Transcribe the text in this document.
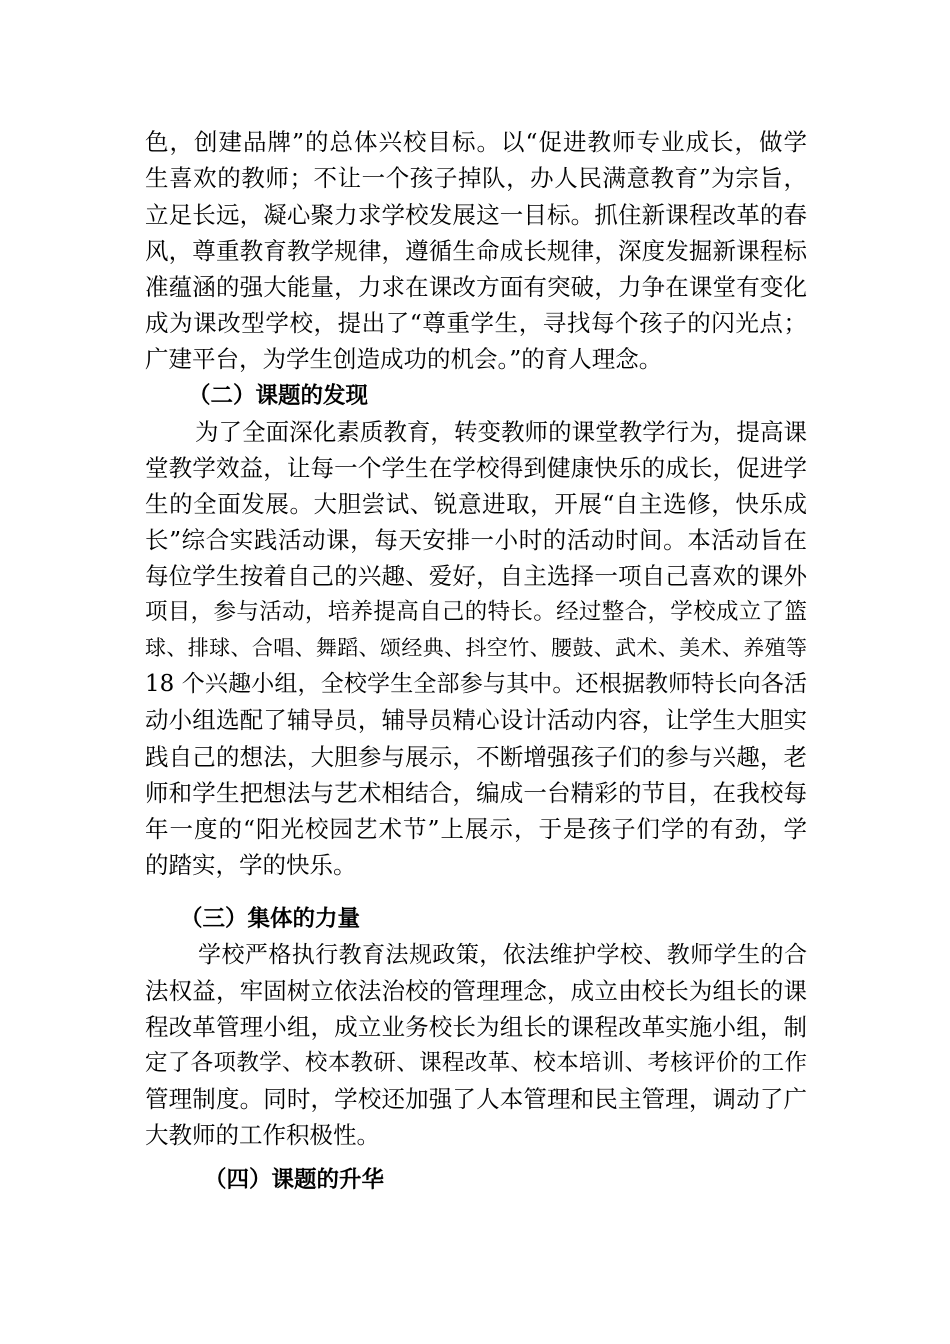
色，创建品牌”的总体兴校目标。以“促进教师专业成长，做学
生喜欢的教师；不让一个孩子掉队，办人民满意教育”为宗旨，
立足长远，凝心聚力求学校发展这一目标。抓住新课程改革的春
风，尊重教育教学规律，遵循生命成长规律，深度发掘新课程标
准蕴涵的强大能量，力求在课改方面有突破，力争在课堂有变化
成为课改型学校，提出了“尊重学生，寻找每个孩子的闪光点；
广建平台，为学生创造成功的机会。”的育人理念。
（二）课题的发现
为了全面深化素质教育，转变教师的课堂教学行为，提高课
堂教学效益，让每一个学生在学校得到健康快乐的成长，促进学
生的全面发展。大胆尝试、锐意进取，开展“自主选修，快乐成
长”综合实践活动课，每天安排一小时的活动时间。本活动旨在
每位学生按着自己的兴趣、爱好，自主选择一项自己喜欢的课外
项目，参与活动，培养提高自己的特长。经过整合，学校成立了篮
球、排球、合唱、舞蹈、颂经典、抖空竹、腰鼓、武术、美术、养殖等
18 个兴趣小组，全校学生全部参与其中。还根据教师特长向各活
动小组选配了辅导员，辅导员精心设计活动内容，让学生大胆实
践自己的想法，大胆参与展示，不断增强孩子们的参与兴趣，老
师和学生把想法与艺术相结合，编成一台精彩的节目，在我校每
年一度的“阳光校园艺术节”上展示，于是孩子们学的有劲，学
的踏实，学的快乐。
（三）集体的力量
学校严格执行教育法规政策，依法维护学校、教师学生的合
法权益，牢固树立依法治校的管理理念，成立由校长为组长的课
程改革管理小组，成立业务校长为组长的课程改革实施小组，制
定了各项教学、校本教研、课程改革、校本培训、考核评价的工作
管理制度。同时，学校还加强了人本管理和民主管理，调动了广
大教师的工作积极性。
（四）课题的升华
